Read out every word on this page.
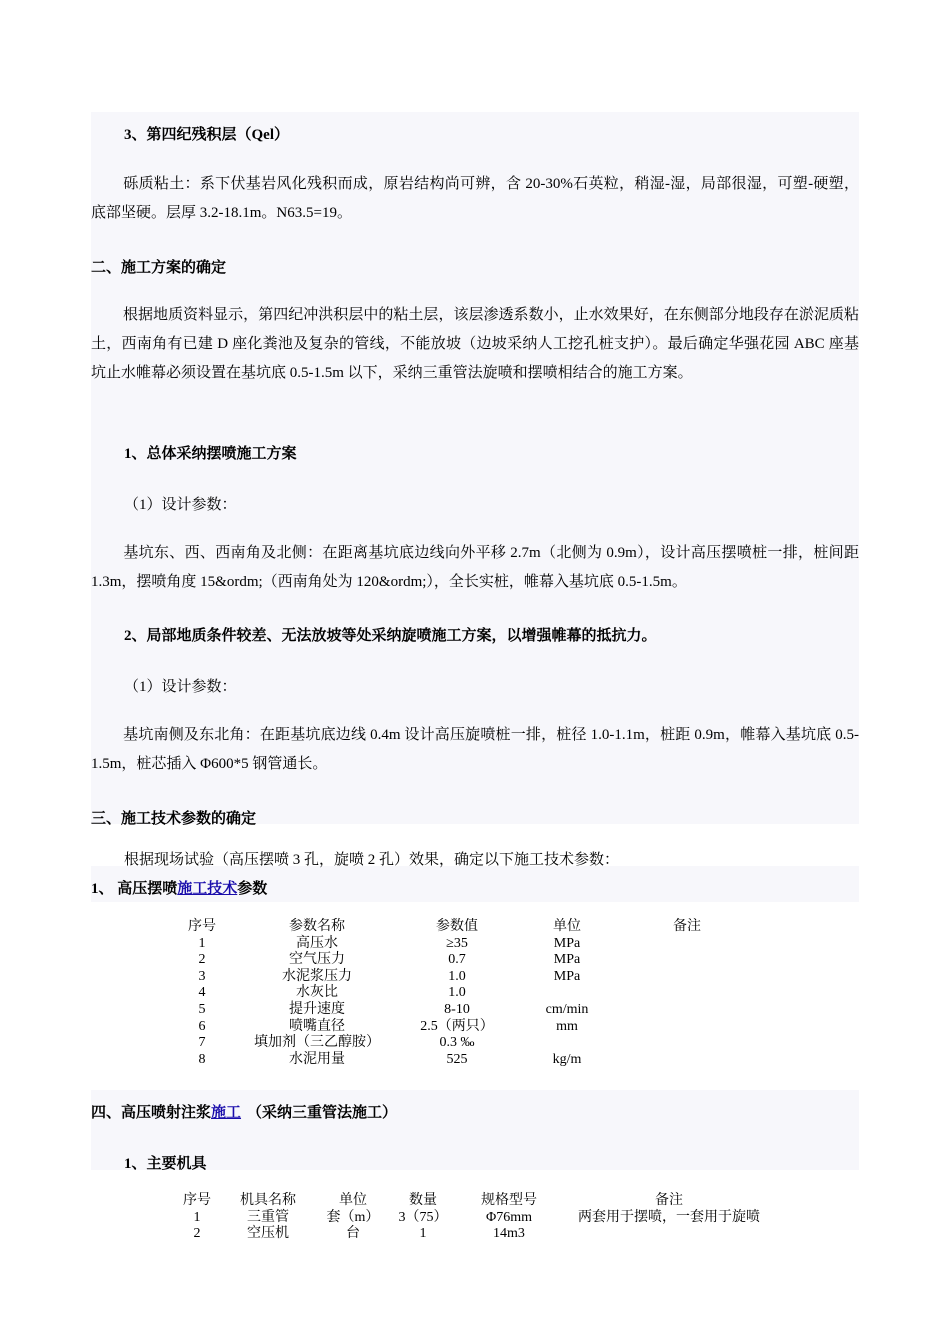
3、第四纪残积层（Qel）
砾质粘土：系下伏基岩风化残积而成，原岩结构尚可辨，含 20-30%石英粒，稍湿-湿，局部很湿，可塑-硬塑，底部坚硬。层厚 3.2-18.1m。N63.5=19。
二、施工方案的确定
根据地质资料显示，第四纪冲洪积层中的粘土层，该层渗透系数小，止水效果好，在东侧部分地段存在淤泥质粘土，西南角有已建 D 座化粪池及复杂的管线，不能放坡（边坡采纳人工挖孔桩支护）。最后确定华强花园 ABC 座基坑止水帷幕必须设置在基坑底 0.5-1.5m 以下，采纳三重管法旋喷和摆喷相结合的施工方案。
1、总体采纳摆喷施工方案
（1）设计参数：
基坑东、西、西南角及北侧：在距离基坑底边线向外平移 2.7m（北侧为 0.9m），设计高压摆喷桩一排，桩间距 1.3m，摆喷角度 15&ordm;（西南角处为 120&ordm;），全长实桩，帷幕入基坑底 0.5-1.5m。
2、局部地质条件较差、无法放坡等处采纳旋喷施工方案，以增强帷幕的抵抗力。
（1）设计参数：
基坑南侧及东北角：在距基坑底边线 0.4m 设计高压旋喷桩一排，桩径 1.0-1.1m，桩距 0.9m，帷幕入基坑底 0.5-1.5m，桩芯插入 Φ600*5 钢管通长。
三、施工技术参数的确定
根据现场试验（高压摆喷 3 孔，旋喷 2 孔）效果，确定以下施工技术参数：
1、 高压摆喷施工技术参数
序号	参数名称	参数值	单位	备注
1	高压水	≥35	MPa	
2	空气压力	0.7	MPa	
3	水泥浆压力	1.0	MPa	
4	水灰比	1.0		
5	提升速度	8-10	cm/min	
6	喷嘴直径	2.5（两只）	mm	
7	填加剂（三乙醇胺）	0.3 ‰		
8	水泥用量	525	kg/m	
四、高压喷射注浆施工 （采纳三重管法施工）
1、主要机具
序号	机具名称	单位	数量	规格型号	备注
1	三重管	套（m）	3（75）	Φ76mm	两套用于摆喷，一套用于旋喷
2	空压机	台	1	14m3	
